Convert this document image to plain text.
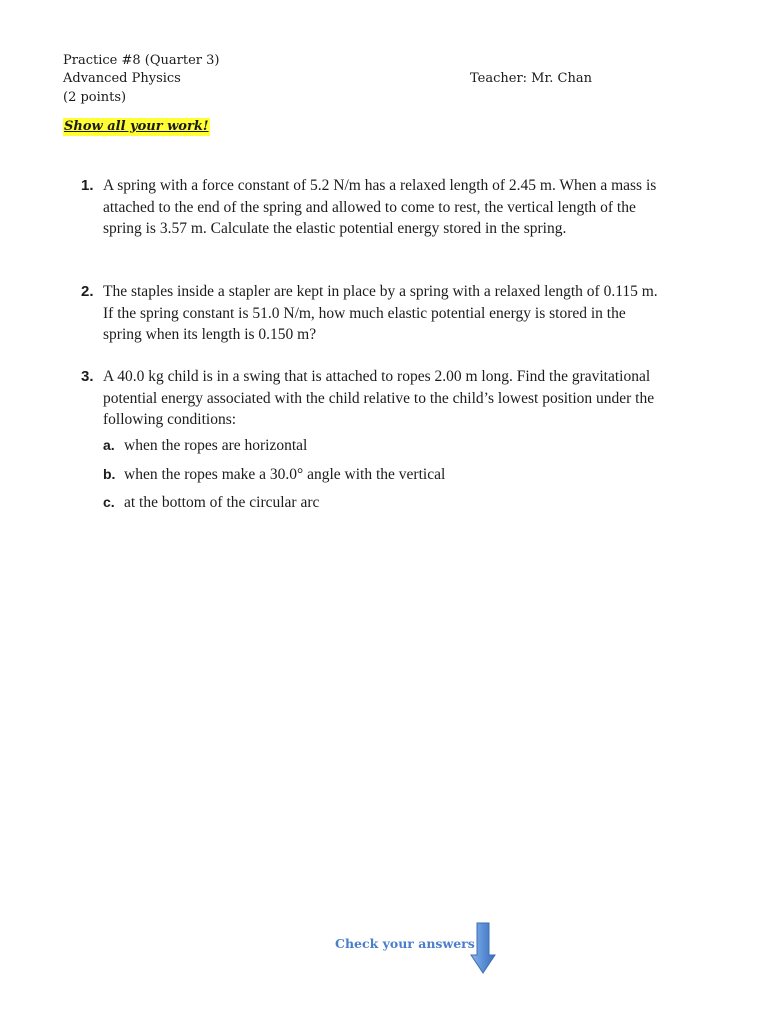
Practice #8 (Quarter 3)
Advanced Physics
(2 points)
Teacher: Mr. Chan
Show all your work!
1. A spring with a force constant of 5.2 N/m has a relaxed length of 2.45 m. When a mass is attached to the end of the spring and allowed to come to rest, the vertical length of the spring is 3.57 m. Calculate the elastic potential energy stored in the spring.
2. The staples inside a stapler are kept in place by a spring with a relaxed length of 0.115 m. If the spring constant is 51.0 N/m, how much elastic potential energy is stored in the spring when its length is 0.150 m?
3. A 40.0 kg child is in a swing that is attached to ropes 2.00 m long. Find the gravitational potential energy associated with the child relative to the child’s lowest position under the following conditions:
a. when the ropes are horizontal
b. when the ropes make a 30.0° angle with the vertical
c. at the bottom of the circular arc
Check your answers
